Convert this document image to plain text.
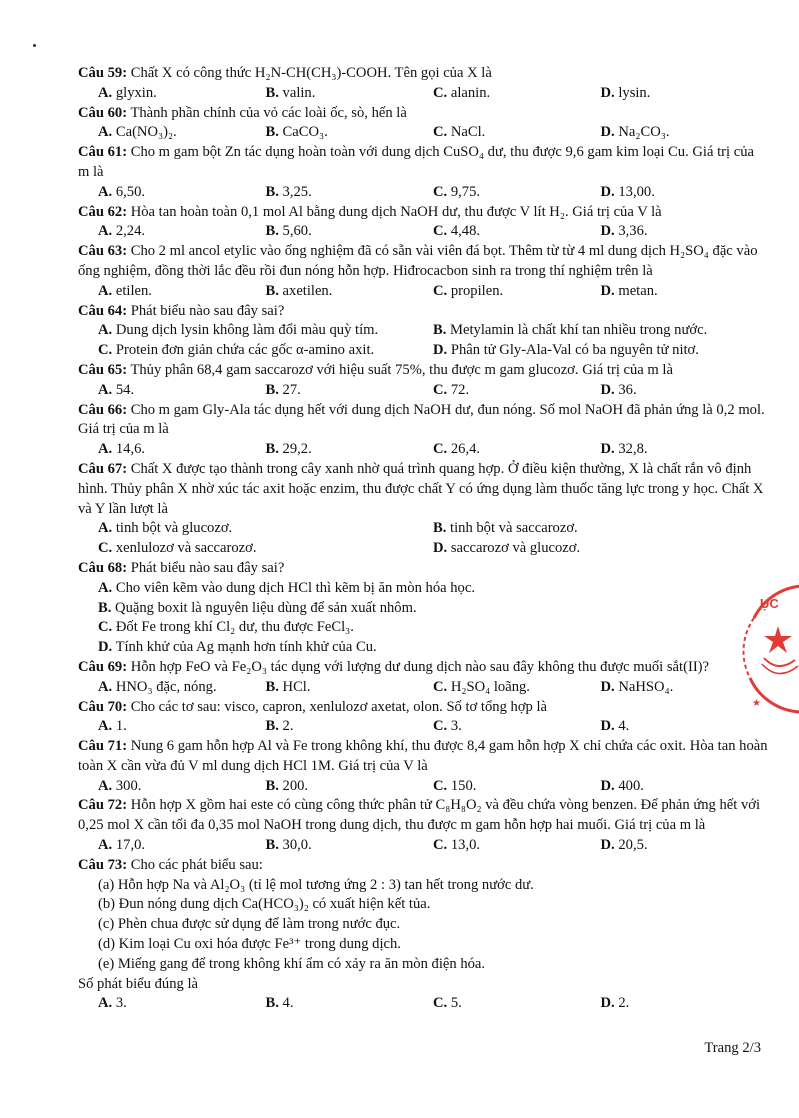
Câu 59: Chất X có công thức H₂N-CH(CH₃)-COOH. Tên gọi của X là
A. glyxin.	B. valin.	C. alanin.	D. lysin.
Câu 60: Thành phần chính của vỏ các loài ốc, sò, hến là
A. Ca(NO₃)₂.	B. CaCO₃.	C. NaCl.	D. Na₂CO₃.
Câu 61: Cho m gam bột Zn tác dụng hoàn toàn với dung dịch CuSO₄ dư, thu được 9,6 gam kim loại Cu. Giá trị của m là
A. 6,50.	B. 3,25.	C. 9,75.	D. 13,00.
Câu 62: Hòa tan hoàn toàn 0,1 mol Al bằng dung dịch NaOH dư, thu được V lít H₂. Giá trị của V là
A. 2,24.	B. 5,60.	C. 4,48.	D. 3,36.
Câu 63: Cho 2 ml ancol etylic vào ống nghiệm đã có sẵn vài viên đá bọt. Thêm từ từ 4 ml dung dịch H₂SO₄ đặc vào ống nghiệm, đồng thời lắc đều rồi đun nóng hỗn hợp. Hiđrocacbon sinh ra trong thí nghiệm trên là
A. etilen.	B. axetilen.	C. propilen.	D. metan.
Câu 64: Phát biểu nào sau đây sai?
A. Dung dịch lysin không làm đổi màu quỳ tím.	B. Metylamin là chất khí tan nhiều trong nước.
C. Protein đơn giản chứa các gốc α-amino axit.	D. Phân tử Gly-Ala-Val có ba nguyên tử nitơ.
Câu 65: Thủy phân 68,4 gam saccarozơ với hiệu suất 75%, thu được m gam glucozơ. Giá trị của m là
A. 54.	B. 27.	C. 72.	D. 36.
Câu 66: Cho m gam Gly-Ala tác dụng hết với dung dịch NaOH dư, đun nóng. Số mol NaOH đã phản ứng là 0,2 mol. Giá trị của m là
A. 14,6.	B. 29,2.	C. 26,4.	D. 32,8.
Câu 67: Chất X được tạo thành trong cây xanh nhờ quá trình quang hợp. Ở điều kiện thường, X là chất rắn vô định hình. Thủy phân X nhờ xúc tác axit hoặc enzim, thu được chất Y có ứng dụng làm thuốc tăng lực trong y học. Chất X và Y lần lượt là
A. tinh bột và glucozơ.	B. tinh bột và saccarozơ.
C. xenlulozơ và saccarozơ.	D. saccarozơ và glucozơ.
Câu 68: Phát biểu nào sau đây sai?
A. Cho viên kẽm vào dung dịch HCl thì kẽm bị ăn mòn hóa học.
B. Quặng boxit là nguyên liệu dùng để sản xuất nhôm.
C. Đốt Fe trong khí Cl₂ dư, thu được FeCl₃.
D. Tính khử của Ag mạnh hơn tính khử của Cu.
Câu 69: Hỗn hợp FeO và Fe₂O₃ tác dụng với lượng dư dung dịch nào sau đây không thu được muối sắt(II)?
A. HNO₃ đặc, nóng.	B. HCl.	C. H₂SO₄ loãng.	D. NaHSO₄.
Câu 70: Cho các tơ sau: visco, capron, xenlulozơ axetat, olon. Số tơ tổng hợp là
A. 1.	B. 2.	C. 3.	D. 4.
Câu 71: Nung 6 gam hỗn hợp Al và Fe trong không khí, thu được 8,4 gam hỗn hợp X chỉ chứa các oxit. Hòa tan hoàn toàn X cần vừa đủ V ml dung dịch HCl 1M. Giá trị của V là
A. 300.	B. 200.	C. 150.	D. 400.
Câu 72: Hỗn hợp X gồm hai este có cùng công thức phân tử C₈H₈O₂ và đều chứa vòng benzen. Để phản ứng hết với 0,25 mol X cần tối đa 0,35 mol NaOH trong dung dịch, thu được m gam hỗn hợp hai muối. Giá trị của m là
A. 17,0.	B. 30,0.	C. 13,0.	D. 20,5.
Câu 73: Cho các phát biểu sau:
(a) Hỗn hợp Na và Al₂O₃ (tỉ lệ mol tương ứng 2 : 3) tan hết trong nước dư.
(b) Đun nóng dung dịch Ca(HCO₃)₂ có xuất hiện kết tủa.
(c) Phèn chua được sử dụng để làm trong nước đục.
(d) Kim loại Cu oxi hóa được Fe³⁺ trong dung dịch.
(e) Miếng gang để trong không khí ẩm có xảy ra ăn mòn điện hóa.
Số phát biểu đúng là
A. 3.	B. 4.	C. 5.	D. 2.
ỤC
★
Trang 2/3
